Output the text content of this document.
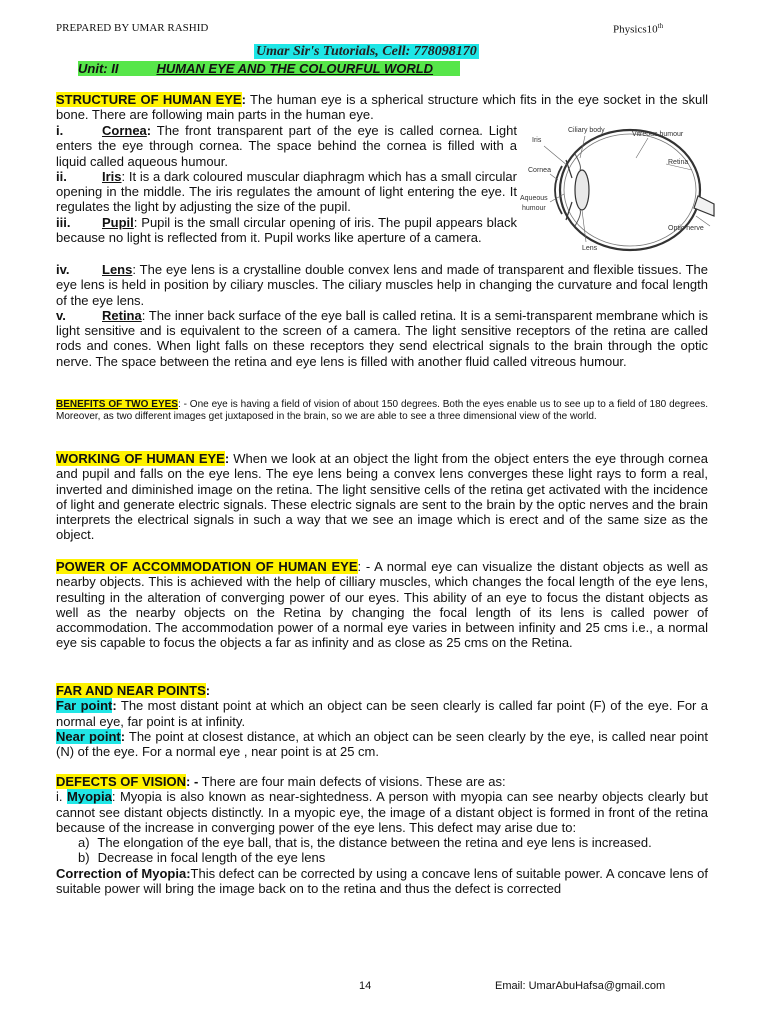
PREPARED BY UMAR RASHID	Physics10th
Umar Sir's Tutorials, Cell: 778098170
Unit: II	HUMAN EYE AND THE COLOURFUL WORLD
STRUCTURE OF HUMAN EYE: The human eye is a spherical structure which fits in the eye socket in the skull bone. There are following main parts in the human eye.
i.	Cornea: The front transparent part of the eye is called cornea. Light enters the eye through cornea. The space behind the cornea is filled with a liquid called aqueous humour.
ii.	Iris: It is a dark coloured muscular diaphragm which has a small circular opening in the middle. The iris regulates the amount of light entering the eye. It regulates the light by adjusting the size of the pupil.
iii. Pupil: Pupil is the small circular opening of iris. The pupil appears black because no light is reflected from it. Pupil works like aperture of a camera.
Ciliary body
Vitreous humour
Iris
Cornea
Retina
Aqueous
humour
Optic nerve
Lens
iv.	Lens: The eye lens is a crystalline double convex lens and made of transparent and flexible tissues. The eye lens is held in position by ciliary muscles. The ciliary muscles help in changing the curvature and focal length of the eye lens.
v.	Retina: The inner back surface of the eye ball is called retina. It is a semi-transparent membrane which is light sensitive and is equivalent to the screen of a camera. The light sensitive receptors of the retina are called rods and cones. When light falls on these receptors they send electrical signals to the brain through the optic nerve. The space between the retina and eye lens is filled with another fluid called vitreous humour.
BENEFITS OF TWO EYES: - One eye is having a field of vision of about 150 degrees. Both the eyes enable us to see up to a field of 180 degrees. Moreover, as two different images get juxtaposed in the brain, so we are able to see a three dimensional view of the world.
WORKING OF HUMAN EYE: When we look at an object the light from the object enters the eye through cornea and pupil and falls on the eye lens. The eye lens being a convex lens converges these light rays to form a real, inverted and diminished image on the retina. The light sensitive cells of the retina get activated with the incidence of light and generate electric signals. These electric signals are sent to the brain by the optic nerves and the brain interprets the electrical signals in such a way that we see an image which is erect and of the same size as the object.
POWER OF ACCOMMODATION OF HUMAN EYE: - A normal eye can visualize the distant objects as well as nearby objects. This is achieved with the help of cilliary muscles, which changes the focal length of the eye lens, resulting in the alteration of converging power of our eyes. This ability of an eye to focus the distant objects as well as the nearby objects on the Retina by changing the focal length of its lens is called power of accommodation. The accommodation power of a normal eye varies in between infinity and 25 cms i.e., a normal eye sis capable to focus the objects a far as infinity and as close as 25 cms on the Retina.
FAR AND NEAR POINTS:
Far point: The most distant point at which an object can be seen clearly is called far point (F) of the eye. For a normal eye, far point is at infinity.
Near point: The point at closest distance, at which an object can be seen clearly by the eye, is called near point (N) of the eye. For a normal eye , near point is at 25 cm.
DEFECTS OF VISION: - There are four main defects of visions. These are as:
i. Myopia: Myopia is also known as near-sightedness. A person with myopia can see nearby objects clearly but cannot see distant objects distinctly. In a myopic eye, the image of a distant object is formed in front of the retina because of the increase in converging power of the eye lens. This defect may arise due to:
a) The elongation of the eye ball, that is, the distance between the retina and eye lens is increased.
b) Decrease in focal length of the eye lens
Correction of Myopia:This defect can be corrected by using a concave lens of suitable power. A concave lens of suitable power will bring the image back on to the retina and thus the defect is corrected
14	Email: UmarAbuHafsa@gmail.com
